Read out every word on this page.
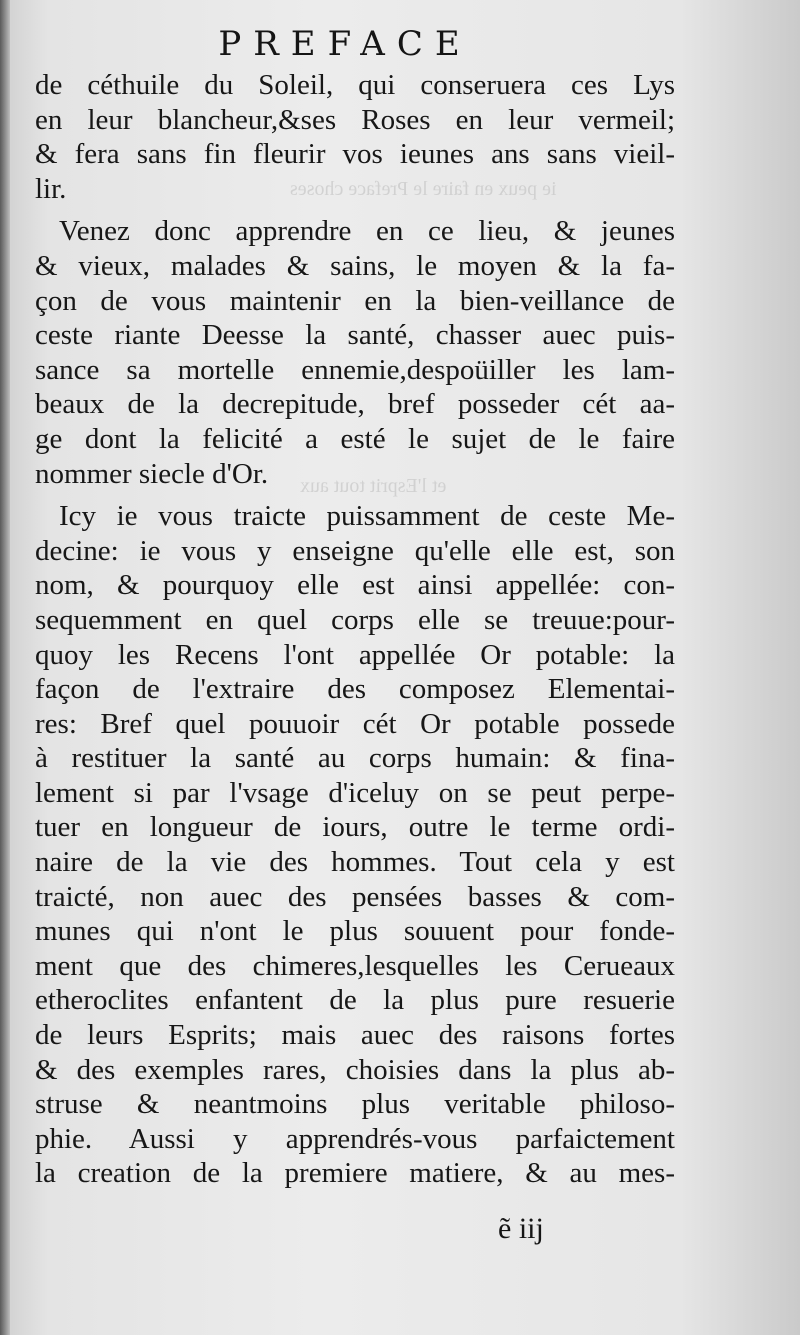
ie peux en faire le Preface choses
et l'Esprit tout aux
PREFACE

de céthuile du Soleil, qui conseruera ces Lys
en leur blancheur,&ses Roses en leur vermeil;
& fera sans fin fleurir vos ieunes ans sans vieil-
lir.

Venez donc apprendre en ce lieu, & jeunes
& vieux, malades & sains, le moyen & la fa-
çon de vous maintenir en la bien-veillance de
ceste riante Deesse la santé, chasser auec puis-
sance sa mortelle ennemie,despoüiller les lam-
beaux de la decrepitude, bref posseder cét aa-
ge dont la felicité a esté le sujet de le faire
nommer siecle d'Or.

Icy ie vous traicte puissamment de ceste Me-
decine: ie vous y enseigne qu'elle elle est, son
nom, & pourquoy elle est ainsi appellée: con-
sequemment en quel corps elle se treuue:pour-
quoy les Recens l'ont appellée Or potable: la
façon de l'extraire des composez Elementai-
res: Bref quel pouuoir cét Or potable possede
à restituer la santé au corps humain: & fina-
lement si par l'vsage d'iceluy on se peut perpe-
tuer en longueur de iours, outre le terme ordi-
naire de la vie des hommes. Tout cela y est
traicté, non auec des pensées basses & com-
munes qui n'ont le plus souuent pour fonde-
ment que des chimeres,lesquelles les Cerueaux
etheroclites enfantent de la plus pure resuerie
de leurs Esprits; mais auec des raisons fortes
& des exemples rares, choisies dans la plus ab-
struse & neantmoins plus veritable philoso-
phie. Aussi y apprendrés-vous parfaictement
la creation de la premiere matiere, & au mes-

ẽ iij
